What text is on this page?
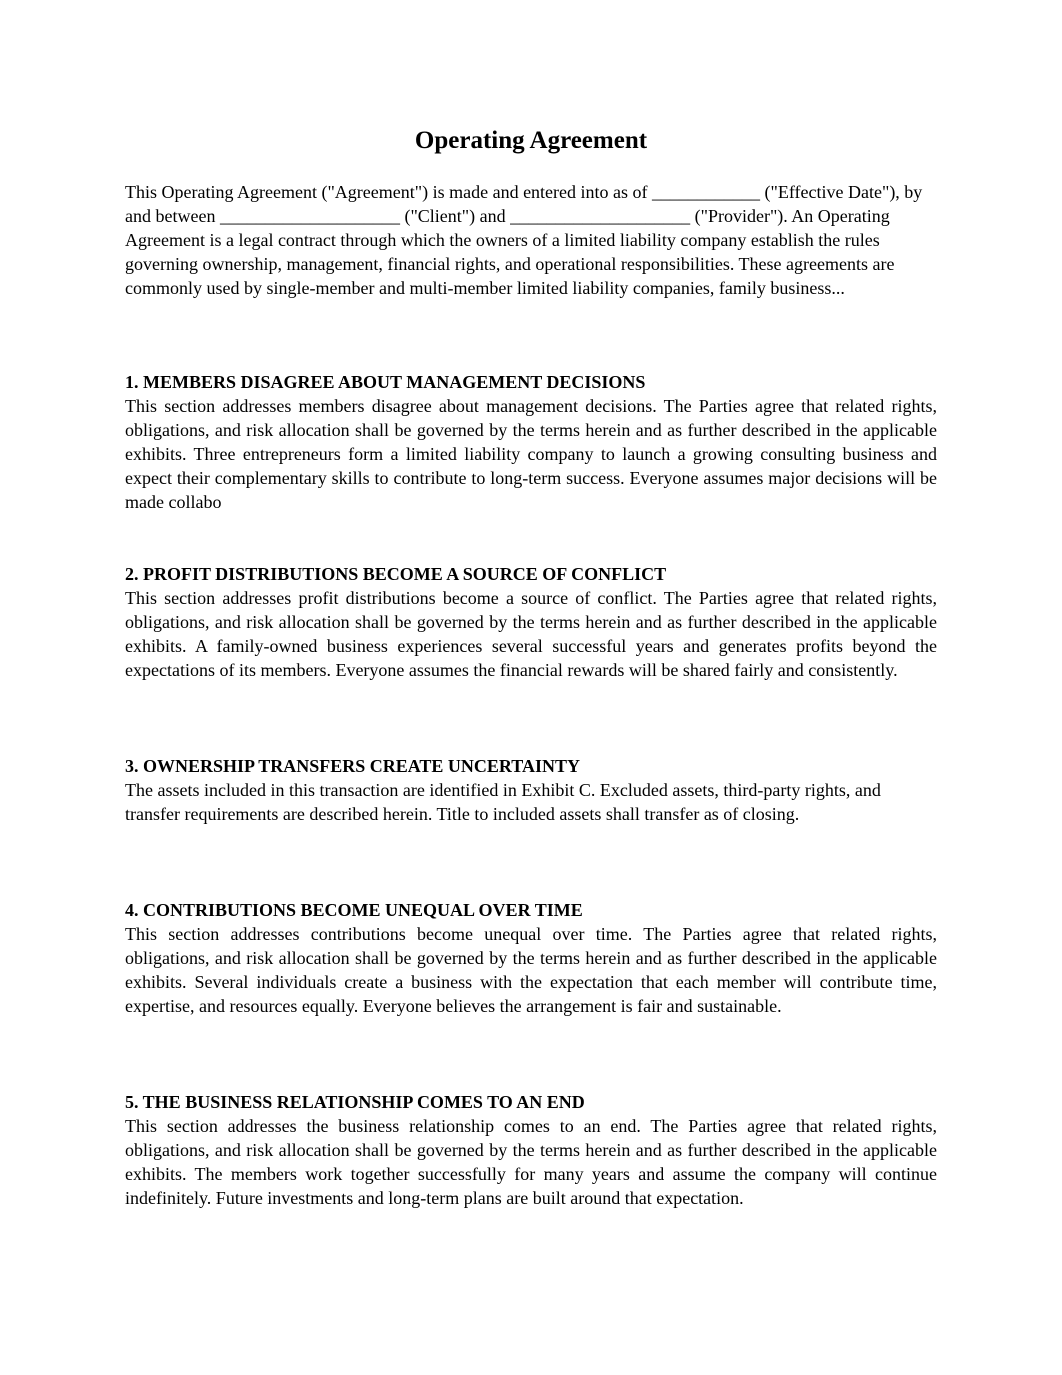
Operating Agreement

This Operating Agreement ("Agreement") is made and entered into as of ____________ ("Effective Date"), by and between ____________________ ("Client") and ____________________ ("Provider"). An Operating Agreement is a legal contract through which the owners of a limited liability company establish the rules governing ownership, management, financial rights, and operational responsibilities. These agreements are commonly used by single-member and multi-member limited liability companies, family business...

1. MEMBERS DISAGREE ABOUT MANAGEMENT DECISIONS

This section addresses members disagree about management decisions. The Parties agree that related rights, obligations, and risk allocation shall be governed by the terms herein and as further described in the applicable exhibits. Three entrepreneurs form a limited liability company to launch a growing consulting business and expect their complementary skills to contribute to long-term success. Everyone assumes major decisions will be made collabo

2. PROFIT DISTRIBUTIONS BECOME A SOURCE OF CONFLICT

This section addresses profit distributions become a source of conflict. The Parties agree that related rights, obligations, and risk allocation shall be governed by the terms herein and as further described in the applicable exhibits. A family-owned business experiences several successful years and generates profits beyond the expectations of its members. Everyone assumes the financial rewards will be shared fairly and consistently.

3. OWNERSHIP TRANSFERS CREATE UNCERTAINTY

The assets included in this transaction are identified in Exhibit C. Excluded assets, third-party rights, and transfer requirements are described herein. Title to included assets shall transfer as of closing.

4. CONTRIBUTIONS BECOME UNEQUAL OVER TIME

This section addresses contributions become unequal over time. The Parties agree that related rights, obligations, and risk allocation shall be governed by the terms herein and as further described in the applicable exhibits. Several individuals create a business with the expectation that each member will contribute time, expertise, and resources equally. Everyone believes the arrangement is fair and sustainable.

5. THE BUSINESS RELATIONSHIP COMES TO AN END

This section addresses the business relationship comes to an end. The Parties agree that related rights, obligations, and risk allocation shall be governed by the terms herein and as further described in the applicable exhibits. The members work together successfully for many years and assume the company will continue indefinitely. Future investments and long-term plans are built around that expectation.
